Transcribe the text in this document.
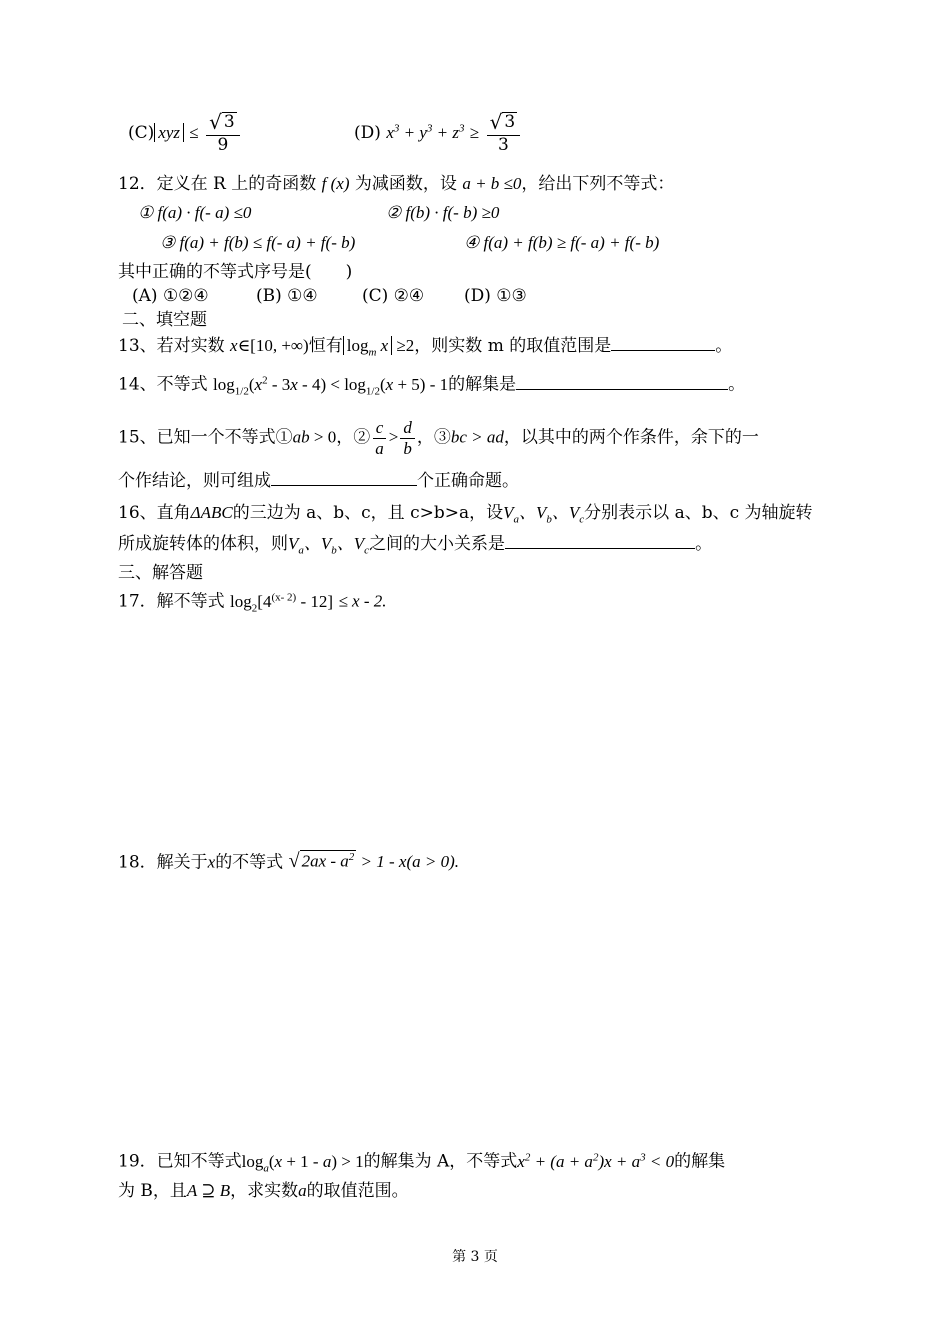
(C) xyz ≤ $\frac{√ 3}{9}$	(D) $x^3 + y^3 + z^3 \ge \frac{√ 3}{3}$
12．定义在 R 上的奇函数 f (x) 为减函数，设 a + b ≤0，给出下列不等式：
① f(a) · f(- a) ≤0	② f(b) · f(- b) ≥0
③ f(a) + f(b) ≤ f(- a) + f(- b)	④ f(a) + f(b) ≥ f(- a) + f(- b)
其中正确的不等式序号是(　　)
(A) ①②④	(B) ①④	(C) ②④ (D) ①③
二、填空题
13、若对实数 x∈[10, +∞)恒有 $\log_m x \ge 2$，则实数 m 的取值范围是	。
14、不等式 $\log_{1/2}(x^2 - 3x - 4) < \log_{1/2}(x + 5) - 1$的解集是	。
15、已知一个不等式①ab > 0，② $\frac{c}{a} > \frac{d}{b}$ ，③bc > ad，以其中的两个作条件，余下的一
个作结论，则可组成	个正确命题。
16、直角ΔABC的三边为 a、b、c，且 c>b>a，设$V_a$、$V_b$、$V_c$分别表示以 a、b、c 为轴旋转
所成旋转体的体积，则$V_a$、$V_b$、$V_c$之间的大小关系是	。
三、解答题
17．解不等式 $\log_2[4^{(x- 2)} - 12] \le x - 2$.
18．解关于x的不等式 √ $2ax - a^2 > 1 - x(a > 0)$.
19．已知不等式$\log_a(x + 1 - a) > 1$的解集为 A，不等式$x^2 + (a + a^2)x + a^3 < 0$的解集
为 B，且A ⊇ B，求实数a的取值范围。
第 3 页
